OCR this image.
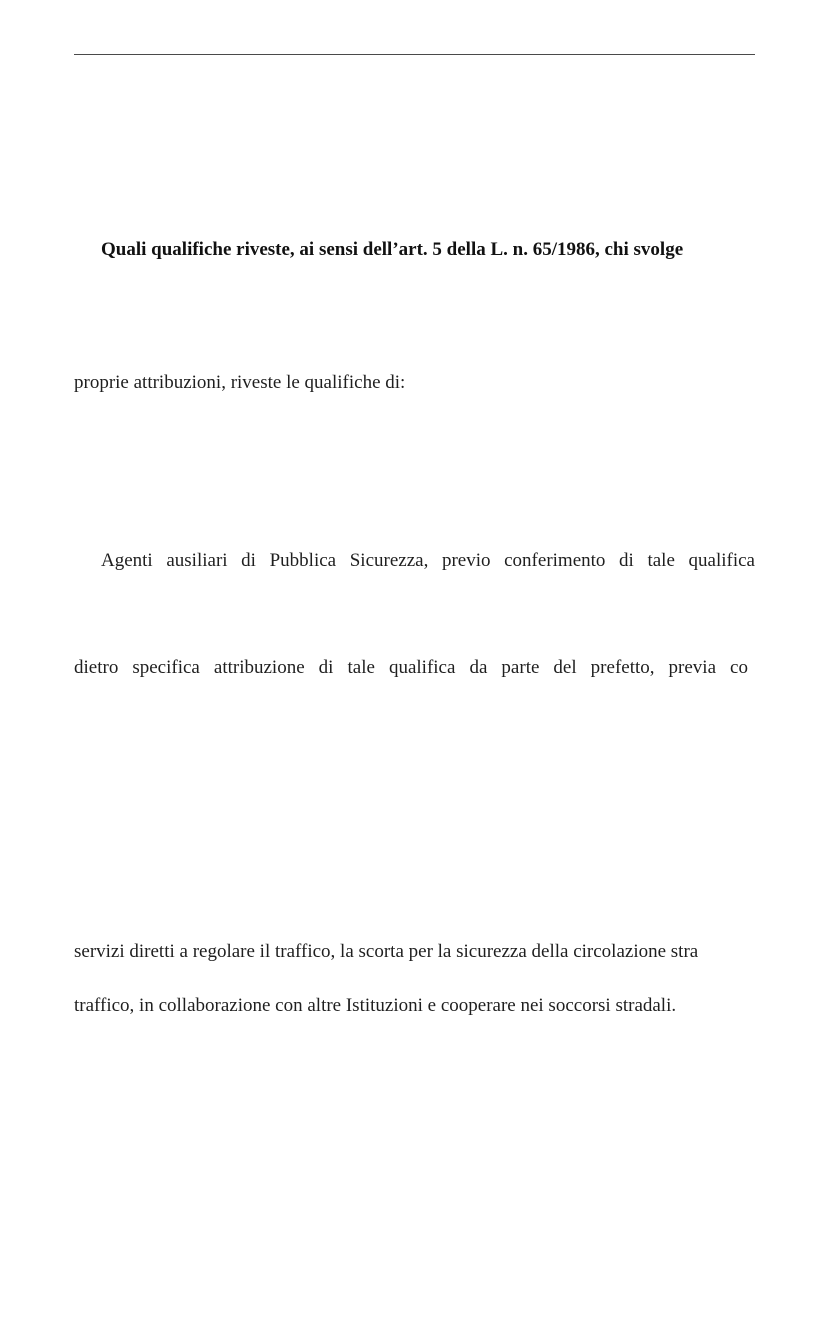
Quali qualifiche riveste, ai sensi dell’art. 5 della L. n. 65/1986, chi svolge
proprie attribuzioni, riveste le qualifiche di:
Agenti ausiliari di Pubblica Sicurezza, previo conferimento di tale qualifica
dietro specifica attribuzione di tale qualifica da parte del prefetto, previa co
servizi diretti a regolare il traffico, la scorta per la sicurezza della circolazione stra
traffico, in collaborazione con altre Istituzioni e cooperare nei soccorsi stradali.
